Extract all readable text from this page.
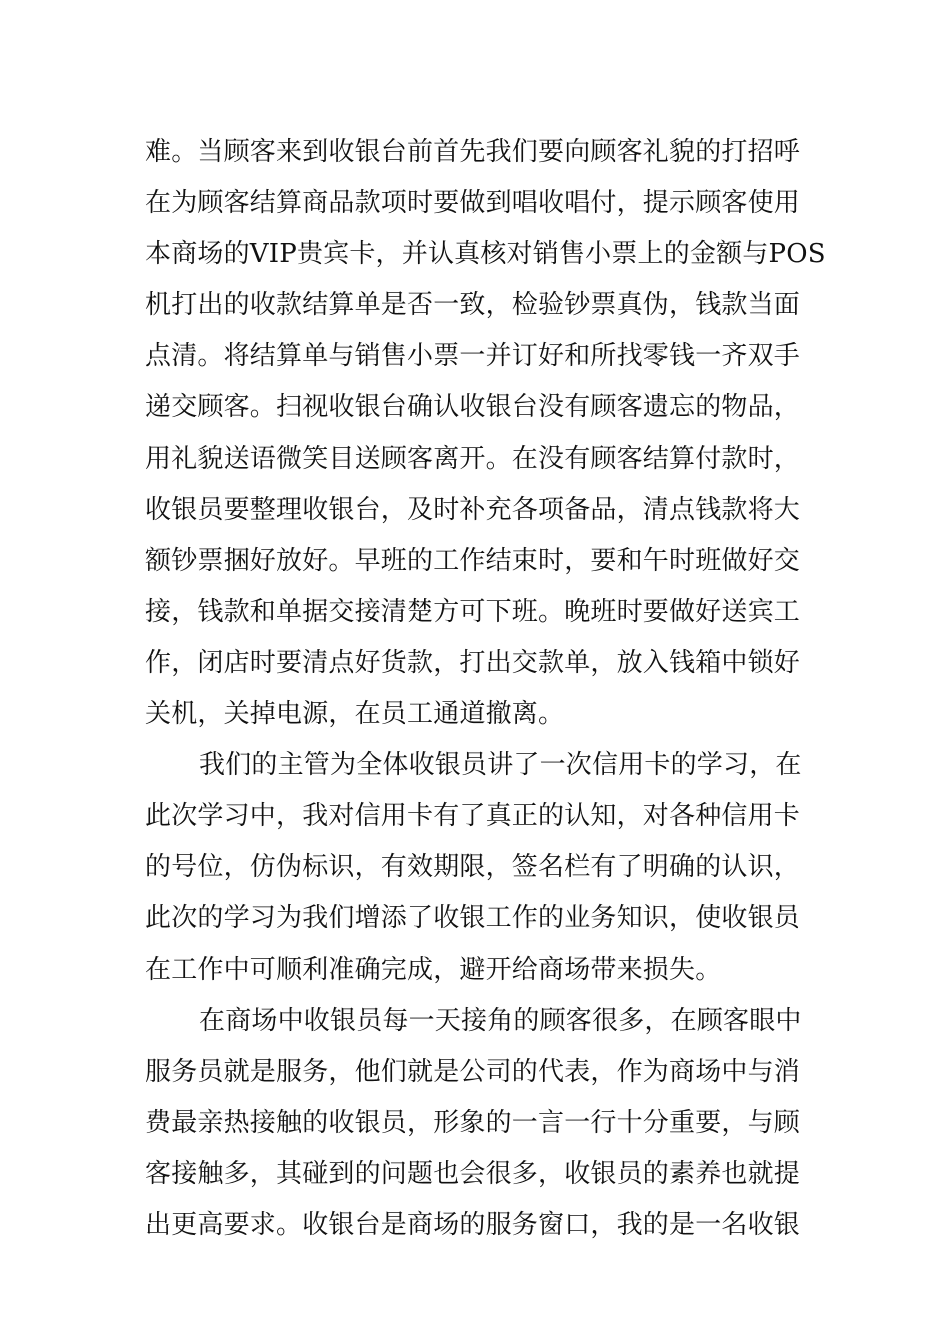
难。当顾客来到收银台前首先我们要向顾客礼貌的打招呼
在为顾客结算商品款项时要做到唱收唱付，提示顾客使用
本商场的VIP贵宾卡，并认真核对销售小票上的金额与POS
机打出的收款结算单是否一致，检验钞票真伪，钱款当面
点清。将结算单与销售小票一并订好和所找零钱一齐双手
递交顾客。扫视收银台确认收银台没有顾客遗忘的物品，
用礼貌送语微笑目送顾客离开。在没有顾客结算付款时，
收银员要整理收银台，及时补充各项备品，清点钱款将大
额钞票捆好放好。早班的工作结束时，要和午时班做好交
接，钱款和单据交接清楚方可下班。晚班时要做好送宾工
作，闭店时要清点好货款，打出交款单，放入钱箱中锁好
关机，关掉电源，在员工通道撤离。

我们的主管为全体收银员讲了一次信用卡的学习，在
此次学习中，我对信用卡有了真正的认知，对各种信用卡
的号位，仿伪标识，有效期限，签名栏有了明确的认识，
此次的学习为我们增添了收银工作的业务知识，使收银员
在工作中可顺利准确完成，避开给商场带来损失。

在商场中收银员每一天接角的顾客很多，在顾客眼中
服务员就是服务，他们就是公司的代表，作为商场中与消
费最亲热接触的收银员，形象的一言一行十分重要，与顾
客接触多，其碰到的问题也会很多，收银员的素养也就提
出更高要求。收银台是商场的服务窗口，我的是一名收银
